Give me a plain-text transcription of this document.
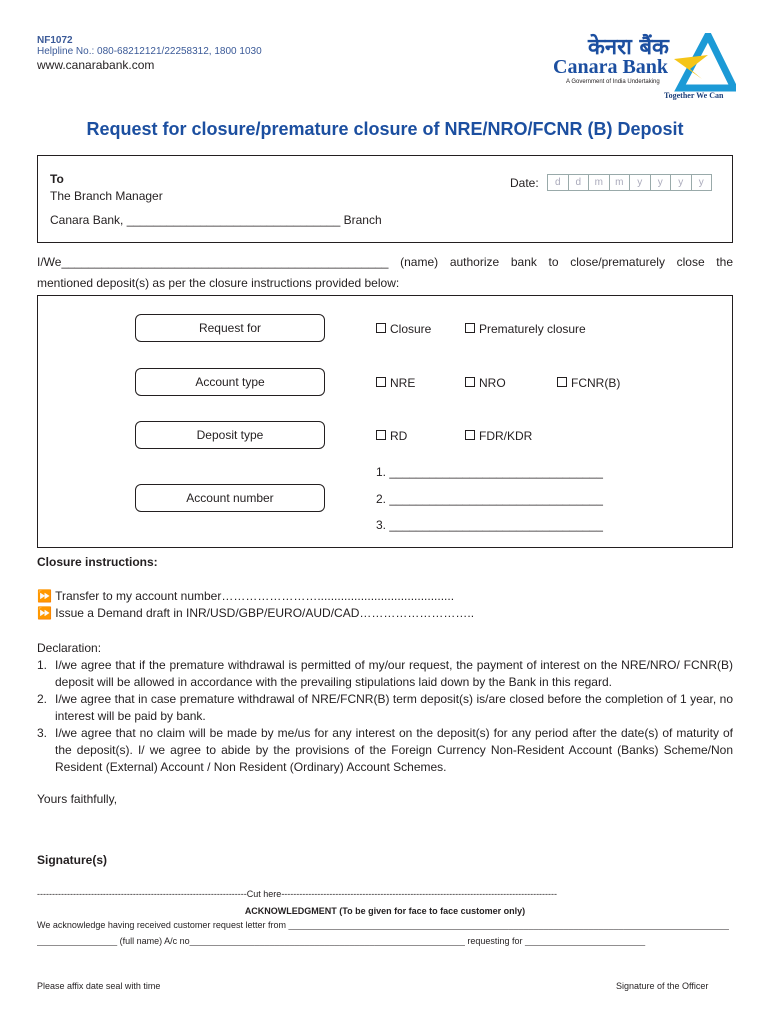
NF1072
Helpline No.: 080-68212121/22258312, 1800 1030
www.canarabank.com
केनरा बैंक
Canara Bank
A Government of India Undertaking
Together We Can
Request for closure/premature closure of NRE/NRO/FCNR (B) Deposit
To
The Branch Manager
Canara Bank, ________________________________ Branch
Date:	d	d	m	m	y	y	y	y
I/We_________________________________________________ (name) authorize bank to close/prematurely close the mentioned deposit(s) as per the closure instructions provided below:
Request for	Closure	Prematurely closure
Account type	NRE	NRO	FCNR(B)
Deposit type	RD	FDR/KDR
Account number
1. ________________________________
2. ________________________________
3. ________________________________
Closure instructions:
⏩ Transfer to my account number…………………….........................................
⏩ Issue a Demand draft in INR/USD/GBP/EURO/AUD/CAD………………………..
Declaration:
1. I/we agree that if the premature withdrawal is permitted of my/our request, the payment of interest on the NRE/NRO/ FCNR(B) deposit will be allowed in accordance with the prevailing stipulations laid down by the Bank in this regard.
2. I/we agree that in case premature withdrawal of NRE/FCNR(B) term deposit(s) is/are closed before the completion of 1 year, no interest will be paid by bank.
3. I/we agree that no claim will be made by me/us for any interest on the deposit(s) for any period after the date(s) of maturity of the deposit(s). I/ we agree to abide by the provisions of the Foreign Currency Non-Resident Account (Banks) Scheme/Non Resident (External) Account / Non Resident (Ordinary) Account Schemes.
Yours faithfully,
Signature(s)
----------------------------------------------------------------------Cut here--------------------------------------------------------------------------------------------
ACKNOWLEDGMENT (To be given for face to face customer only)
We acknowledge having received customer request letter from ________________________________________________________________________________________
________________ (full name) A/c no_______________________________________________________ requesting for ________________________
Please affix date seal with time	Signature of the Officer
